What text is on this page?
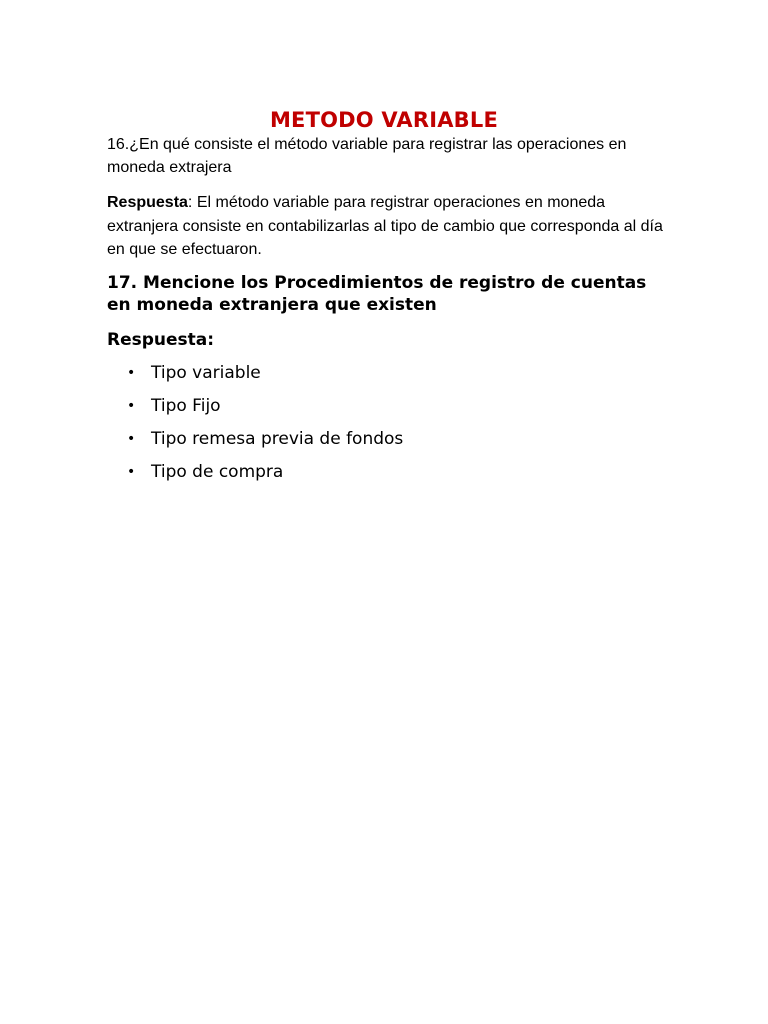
METODO VARIABLE
16.¿En qué consiste el método variable para registrar las operaciones en moneda extrajera
Respuesta: El método variable para registrar operaciones en moneda extranjera consiste en contabilizarlas al tipo de cambio que corresponda al día en que se efectuaron.
17. Mencione los Procedimientos de registro de cuentas en moneda extranjera que existen
Respuesta:
• Tipo variable
• Tipo Fijo
• Tipo remesa previa de fondos
• Tipo de compra
